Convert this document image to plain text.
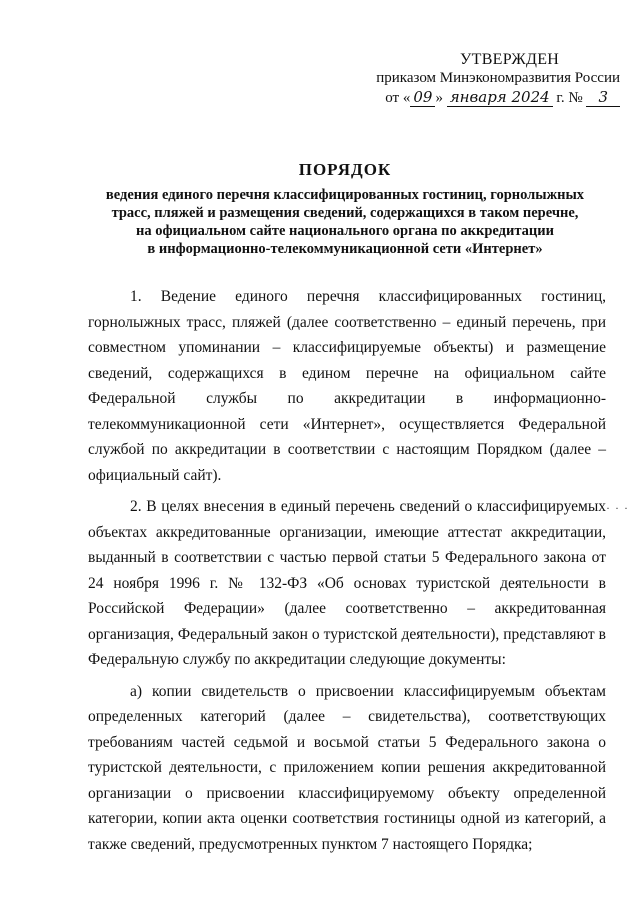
УТВЕРЖДЕН
приказом Минэкономразвития России
от « 09 » января 2024 г. № 3
ПОРЯДОК
ведения единого перечня классифицированных гостиниц, горнолыжных
трасс, пляжей и размещения сведений, содержащихся в таком перечне,
на официальном сайте национального органа по аккредитации
в информационно-телекоммуникационной сети «Интернет»

1. Ведение единого перечня классифицированных гостиниц, горнолыжных трасс, пляжей (далее соответственно – единый перечень, при совместном упоминании – классифицируемые объекты) и размещение сведений, содержащихся в едином перечне на официальном сайте Федеральной службы по аккредитации в информационно-телекоммуникационной сети «Интернет», осуществляется Федеральной службой по аккредитации в соответствии с настоящим Порядком (далее – официальный сайт).

2. В целях внесения в единый перечень сведений о классифицируемых объектах аккредитованные организации, имеющие аттестат аккредитации, выданный в соответствии с частью первой статьи 5 Федерального закона от 24 ноября 1996 г. № 132-ФЗ «Об основах туристской деятельности в Российской Федерации» (далее соответственно – аккредитованная организация, Федеральный закон о туристской деятельности), представляют в Федеральную службу по аккредитации следующие документы:

а) копии свидетельств о присвоении классифицируемым объектам определенных категорий (далее – свидетельства), соответствующих требованиям частей седьмой и восьмой статьи 5 Федерального закона о туристской деятельности, с приложением копии решения аккредитованной организации о присвоении классифицируемому объекту определенной категории, копии акта оценки соответствия гостиницы одной из категорий, а также сведений, предусмотренных пунктом 7 настоящего Порядка;

· · ·
